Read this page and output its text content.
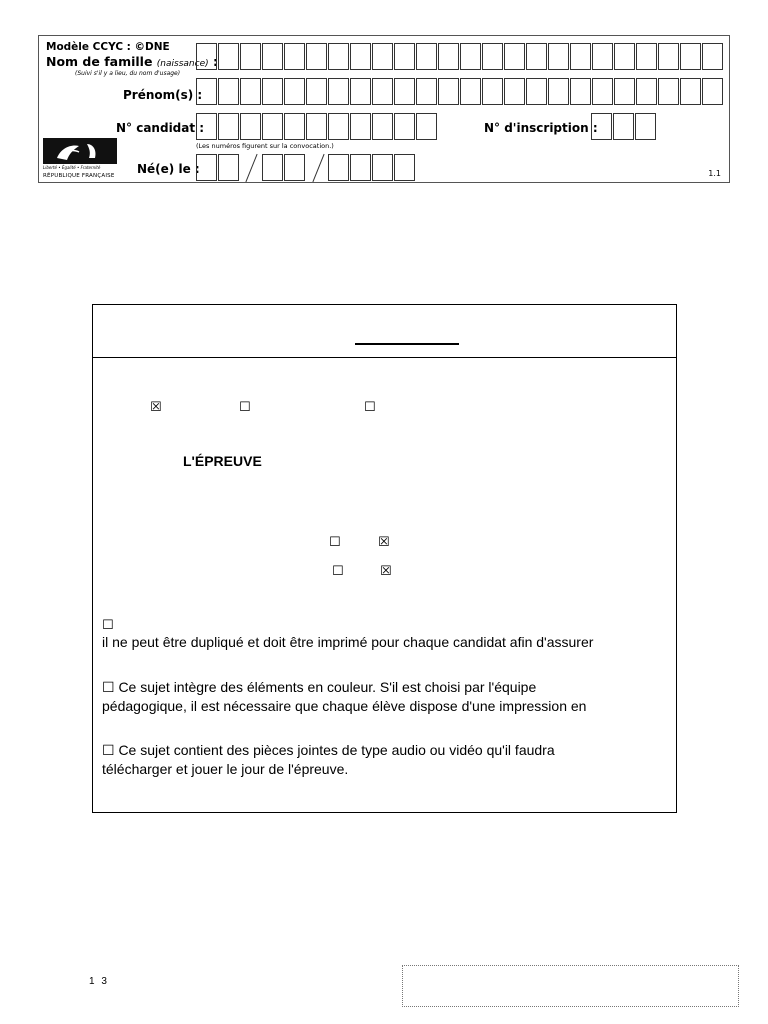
Modèle CCYC : ©DNE
Nom de famille (naissance) :
(Suivi s'il y a lieu, du nom d'usage)
Prénom(s) :
N° candidat :
(Les numéros figurent sur la convocation.)
N° d'inscription :
Liberté • Égalité • Fraternité
RÉPUBLIQUE FRANÇAISE Né(e) le :	1.1
☒	☐	☐
L'ÉPREUVE
☐	☒
☐	☒
☐
il ne peut être dupliqué et doit être imprimé pour chaque candidat afin d'assurer
☐ Ce sujet intègre des éléments en couleur. S'il est choisi par l'équipe
pédagogique, il est nécessaire que chaque élève dispose d'une impression en
☐ Ce sujet contient des pièces jointes de type audio ou vidéo qu'il faudra
télécharger et jouer le jour de l'épreuve.
1 3
